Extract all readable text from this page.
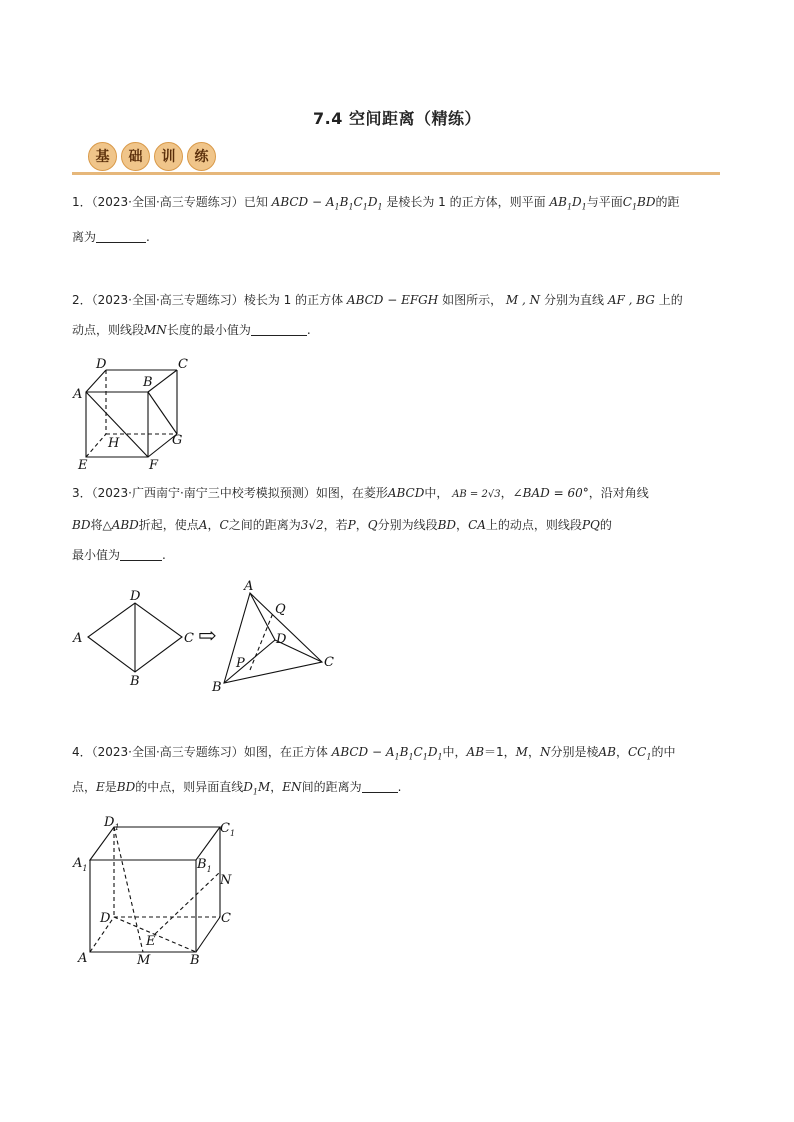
7.4 空间距离（精练）
基	础	训	练
1．（2023·全国·高三专题练习）已知 ABCD − $A_1B_1C_1D_1$ 是棱长为 1 的正方体，则平面 $AB_1D_1$与平面$C_1BD$的距
离为	.
2．（2023·全国·高三专题练习）棱长为 1 的正方体 ABCD − EFGH 如图所示， M , N 分别为直线 AF , BG 上的
动点，则线段MN长度的最小值为	.
D	C
A
B
H	G
E	F
3．（2023·广西南宁·南宁三中校考模拟预测）如图，在菱形ABCD中， AB = 2√3，∠BAD = 60°，沿对角线
BD将△ABD折起，使点A，C之间的距离为3√2，若P，Q分别为线段BD，CA上的动点，则线段PQ的
最小值为	.
D
A	C
B
⇨
A
Q
D
P	C
B
4．（2023·全国·高三专题练习）如图，在正方体 ABCD − $A_1B_1C_1D_1$中，AB＝1，M，N分别是棱AB，$CC_1$的中
点，E是BD的中点，则异面直线$D_1M$，EN间的距离为	.
$D_1$	$C_1$
$A_1$	$B_1$
N
D	C
E
A	M	B
